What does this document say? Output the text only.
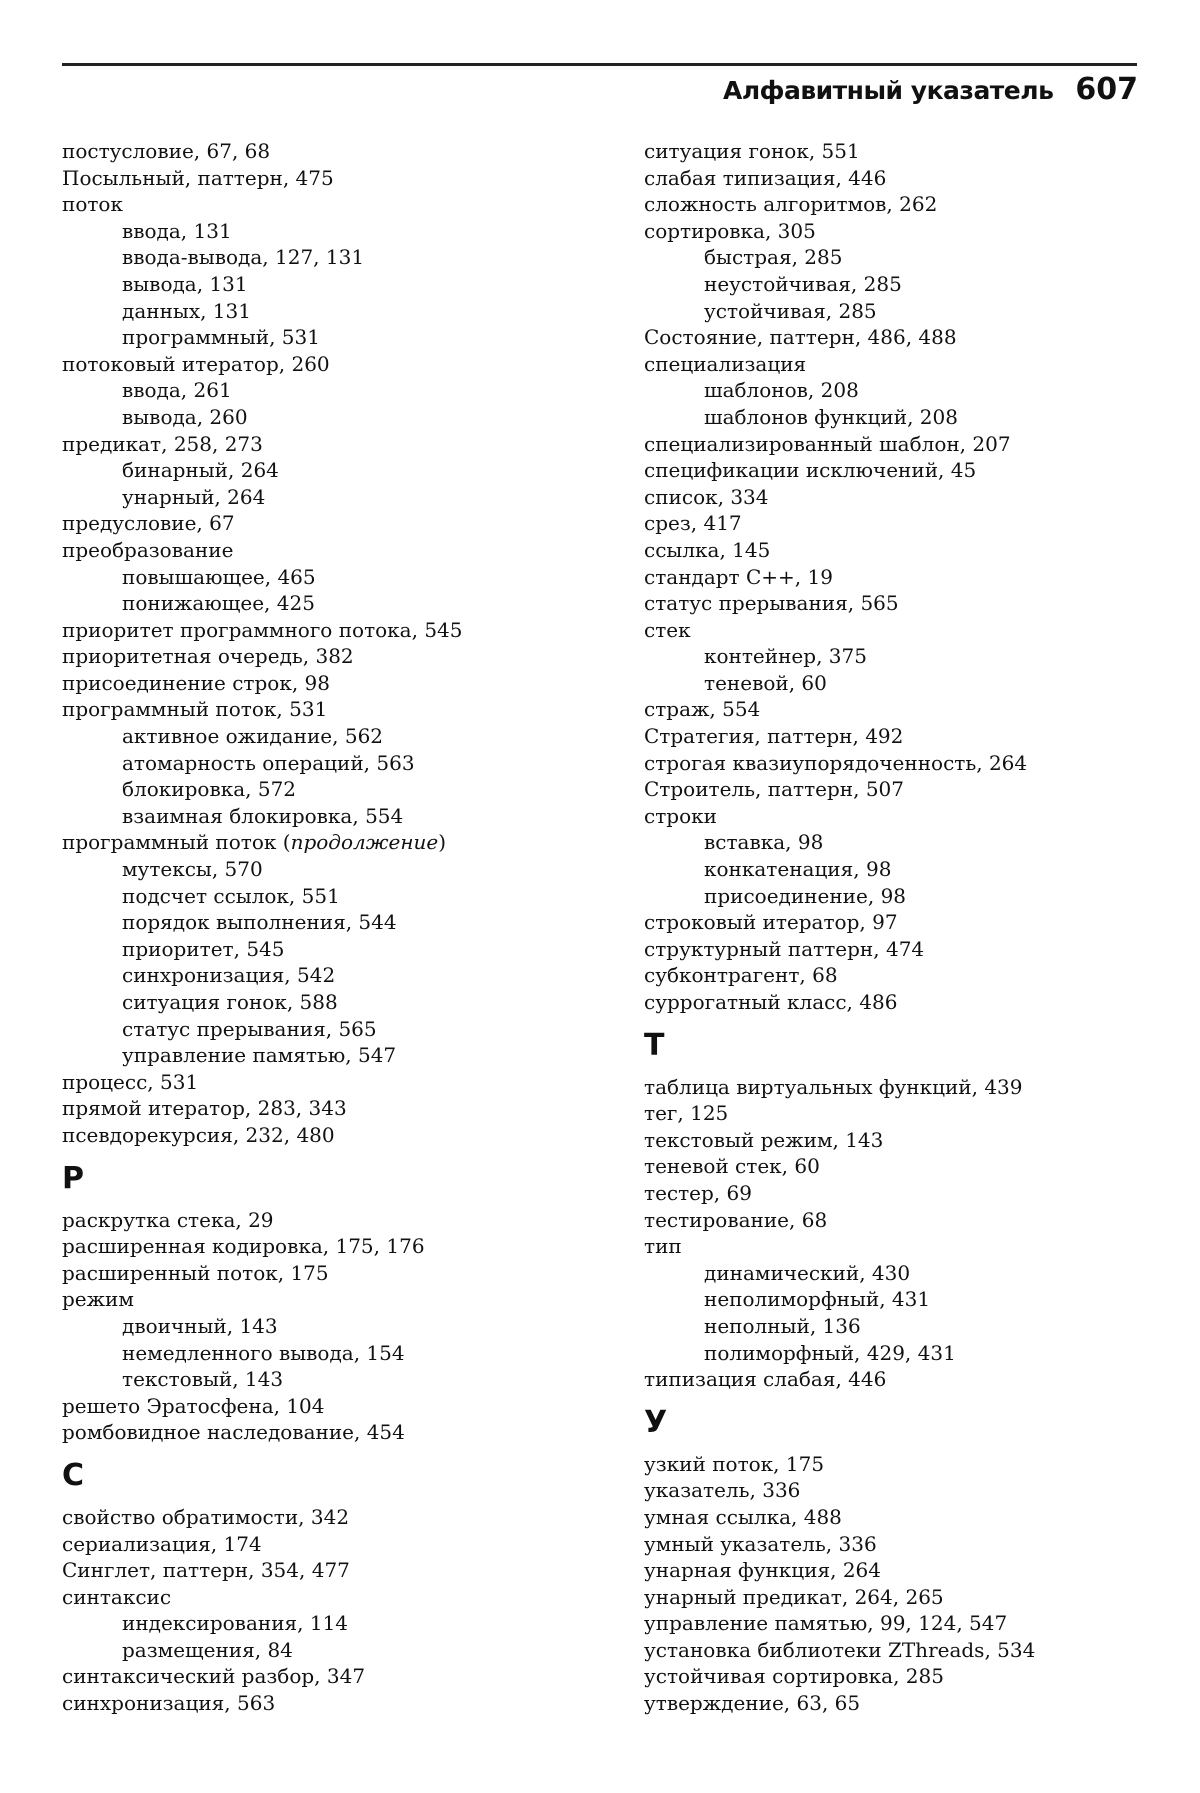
Алфавитный указатель 607
постусловие, 67, 68
Посыльный, паттерн, 475
поток
ввода, 131
ввода-вывода, 127, 131
вывода, 131
данных, 131
программный, 531
потоковый итератор, 260
ввода, 261
вывода, 260
предикат, 258, 273
бинарный, 264
унарный, 264
предусловие, 67
преобразование
повышающее, 465
понижающее, 425
приоритет программного потока, 545
приоритетная очередь, 382
присоединение строк, 98
программный поток, 531
активное ожидание, 562
атомарность операций, 563
блокировка, 572
взаимная блокировка, 554
программный поток (продолжение)
мутексы, 570
подсчет ссылок, 551
порядок выполнения, 544
приоритет, 545
синхронизация, 542
ситуация гонок, 588
статус прерывания, 565
управление памятью, 547
процесс, 531
прямой итератор, 283, 343
псевдорекурсия, 232, 480
Р
раскрутка стека, 29
расширенная кодировка, 175, 176
расширенный поток, 175
режим
двоичный, 143
немедленного вывода, 154
текстовый, 143
решето Эратосфена, 104
ромбовидное наследование, 454
С
свойство обратимости, 342
сериализация, 174
Синглет, паттерн, 354, 477
синтаксис
индексирования, 114
размещения, 84
синтаксический разбор, 347
синхронизация, 563
ситуация гонок, 551
слабая типизация, 446
сложность алгоритмов, 262
сортировка, 305
быстрая, 285
неустойчивая, 285
устойчивая, 285
Состояние, паттерн, 486, 488
специализация
шаблонов, 208
шаблонов функций, 208
специализированный шаблон, 207
спецификации исключений, 45
список, 334
срез, 417
ссылка, 145
стандарт C++, 19
статус прерывания, 565
стек
контейнер, 375
теневой, 60
страж, 554
Стратегия, паттерн, 492
строгая квазиупорядоченность, 264
Строитель, паттерн, 507
строки
вставка, 98
конкатенация, 98
присоединение, 98
строковый итератор, 97
структурный паттерн, 474
субконтрагент, 68
суррогатный класс, 486
Т
таблица виртуальных функций, 439
тег, 125
текстовый режим, 143
теневой стек, 60
тестер, 69
тестирование, 68
тип
динамический, 430
неполиморфный, 431
неполный, 136
полиморфный, 429, 431
типизация слабая, 446
У
узкий поток, 175
указатель, 336
умная ссылка, 488
умный указатель, 336
унарная функция, 264
унарный предикат, 264, 265
управление памятью, 99, 124, 547
установка библиотеки ZThreads, 534
устойчивая сортировка, 285
утверждение, 63, 65
